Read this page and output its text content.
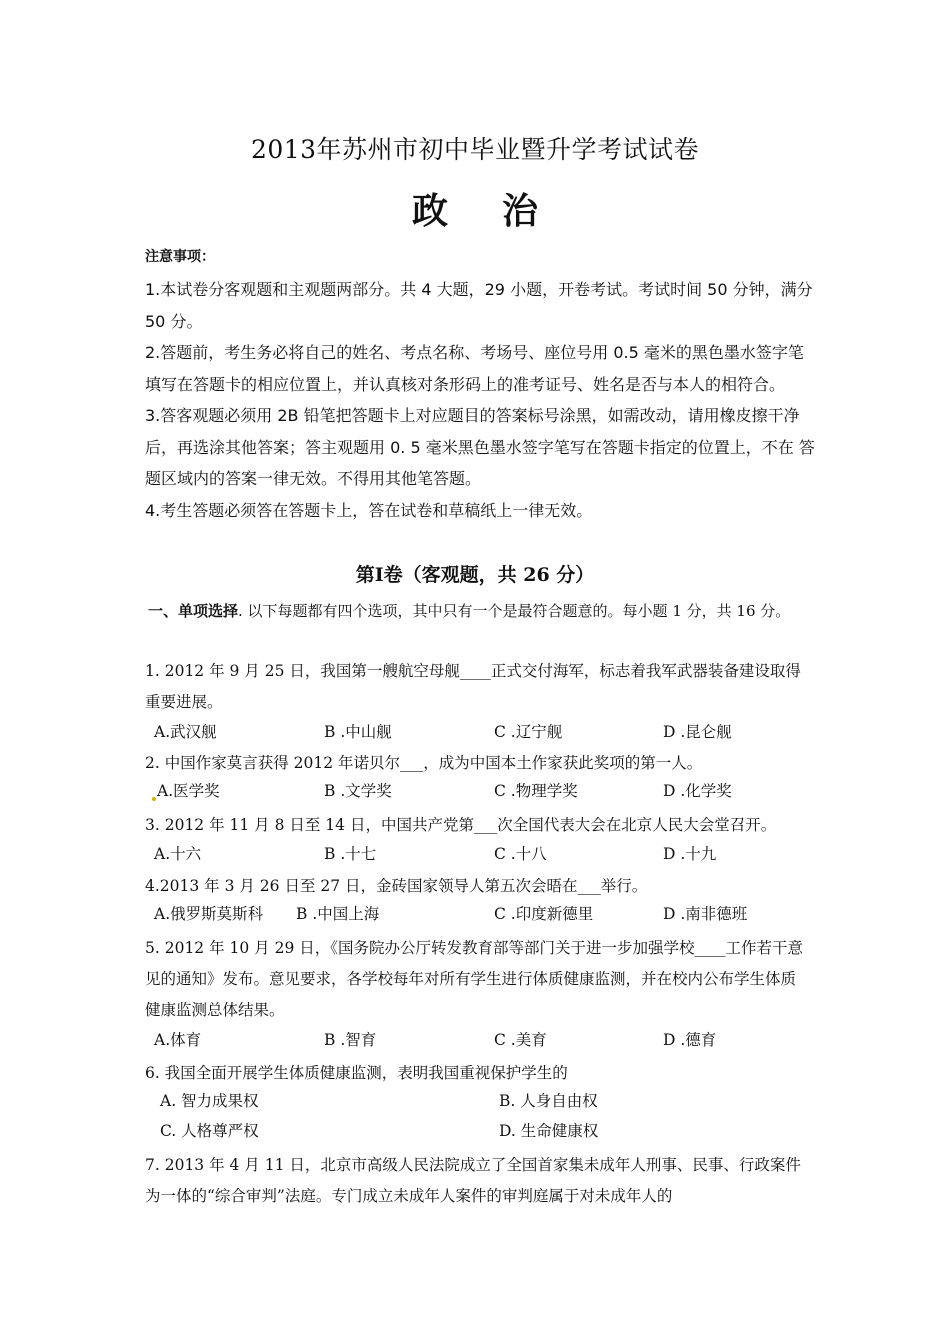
2013年苏州市初中毕业暨升学考试试卷
政 治
注意事项：

1.本试卷分客观题和主观题两部分。共 4 大题，29 小题，开卷考试。考试时间 50 分钟，满分 50 分。

2.答题前，考生务必将自己的姓名、考点名称、考场号、座位号用 0.5 毫米的黑色墨水签字笔填写在答题卡的相应位置上，并认真核对条形码上的准考证号、姓名是否与本人的相符合。

3.答客观题必须用 2B 铅笔把答题卡上对应题目的答案标号涂黑，如需改动，请用橡皮擦干净 后，再选涂其他答案；答主观题用 0. 5 毫米黑色墨水签字笔写在答题卡指定的位置上，不在 答题区域内的答案一律无效。不得用其他笔答题。

4.考生答题必须答在答题卡上，答在试卷和草稿纸上一律无效。

第Ⅰ卷（客观题，共 26 分）
一、单项选择. 以下每题都有四个选项，其中只有一个是最符合题意的。每小题 1 分，共 16 分。

1. 2012 年 9 月 25 日，我国第一艘航空母舰____正式交付海军，标志着我军武器装备建设取得重要进展。

A.武汉舰	B .中山舰	C .辽宁舰	D .昆仑舰

2. 中国作家莫言获得 2012 年诺贝尔___，成为中国本土作家获此奖项的第一人。

A.医学奖	B .文学奖	C .物理学奖	D .化学奖

3. 2012 年 11 月 8 日至 14 日，中国共产党第___次全国代表大会在北京人民大会堂召开。

A.十六	B .十七	C .十八	D .十九

4.2013 年 3 月 26 日至 27 日，金砖国家领导人第五次会晤在___举行。

A.俄罗斯莫斯科 B .中国上海	C .印度新德里	D .南非德班

5. 2012 年 10 月 29 日，《国务院办公厅转发教育部等部门关于进一步加强学校____工作若干意见的通知》发布。意见要求，各学校每年对所有学生进行体质健康监测，并在校内公布学生体质健康监测总体结果。

A.体育	B .智育	C .美育	D .德育

6. 我国全面开展学生体质健康监测，表明我国重视保护学生的

A. 智力成果权	B. 人身自由权
C. 人格尊严权	D. 生命健康权

7. 2013 年 4 月 11 日，北京市高级人民法院成立了全国首家集未成年人刑事、民事、行政案件 为一体的“综合审判”法庭。专门成立未成年人案件的审判庭属于对未成年人的
